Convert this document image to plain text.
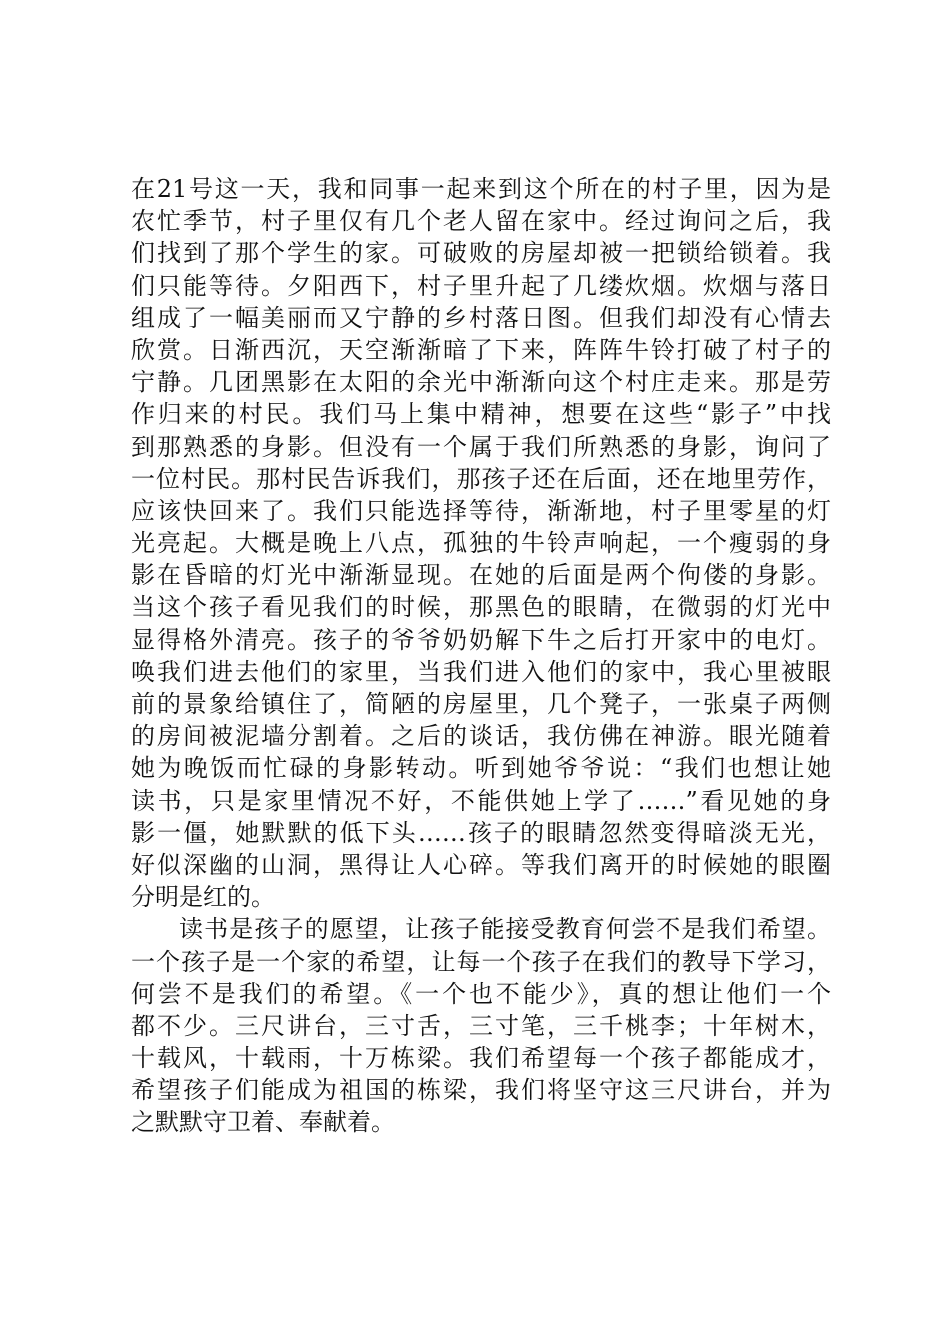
在21号这一天，我和同事一起来到这个所在的村子里，因为是
农忙季节，村子里仅有几个老人留在家中。经过询问之后，我
们找到了那个学生的家。可破败的房屋却被一把锁给锁着。我
们只能等待。夕阳西下，村子里升起了几缕炊烟。炊烟与落日
组成了一幅美丽而又宁静的乡村落日图。但我们却没有心情去
欣赏。日渐西沉，天空渐渐暗了下来，阵阵牛铃打破了村子的
宁静。几团黑影在太阳的余光中渐渐向这个村庄走来。那是劳
作归来的村民。我们马上集中精神，想要在这些“影子”中找
到那熟悉的身影。但没有一个属于我们所熟悉的身影，询问了
一位村民。那村民告诉我们，那孩子还在后面，还在地里劳作，
应该快回来了。我们只能选择等待，渐渐地，村子里零星的灯
光亮起。大概是晚上八点，孤独的牛铃声响起，一个瘦弱的身
影在昏暗的灯光中渐渐显现。在她的后面是两个佝偻的身影。
当这个孩子看见我们的时候，那黑色的眼睛，在微弱的灯光中
显得格外清亮。孩子的爷爷奶奶解下牛之后打开家中的电灯。
唤我们进去他们的家里，当我们进入他们的家中，我心里被眼
前的景象给镇住了，简陋的房屋里，几个凳子，一张桌子两侧
的房间被泥墙分割着。之后的谈话，我仿佛在神游。眼光随着
她为晚饭而忙碌的身影转动。听到她爷爷说：“我们也想让她
读书，只是家里情况不好，不能供她上学了……”看见她的身
影一僵，她默默的低下头……孩子的眼睛忽然变得暗淡无光，
好似深幽的山洞，黑得让人心碎。等我们离开的时候她的眼圈
分明是红的。
读书是孩子的愿望，让孩子能接受教育何尝不是我们希望。
一个孩子是一个家的希望，让每一个孩子在我们的教导下学习，
何尝不是我们的希望。《一个也不能少》，真的想让他们一个
都不少。三尺讲台，三寸舌，三寸笔，三千桃李；十年树木，
十载风，十载雨，十万栋梁。我们希望每一个孩子都能成才，
希望孩子们能成为祖国的栋梁，我们将坚守这三尺讲台，并为
之默默守卫着、奉献着。
